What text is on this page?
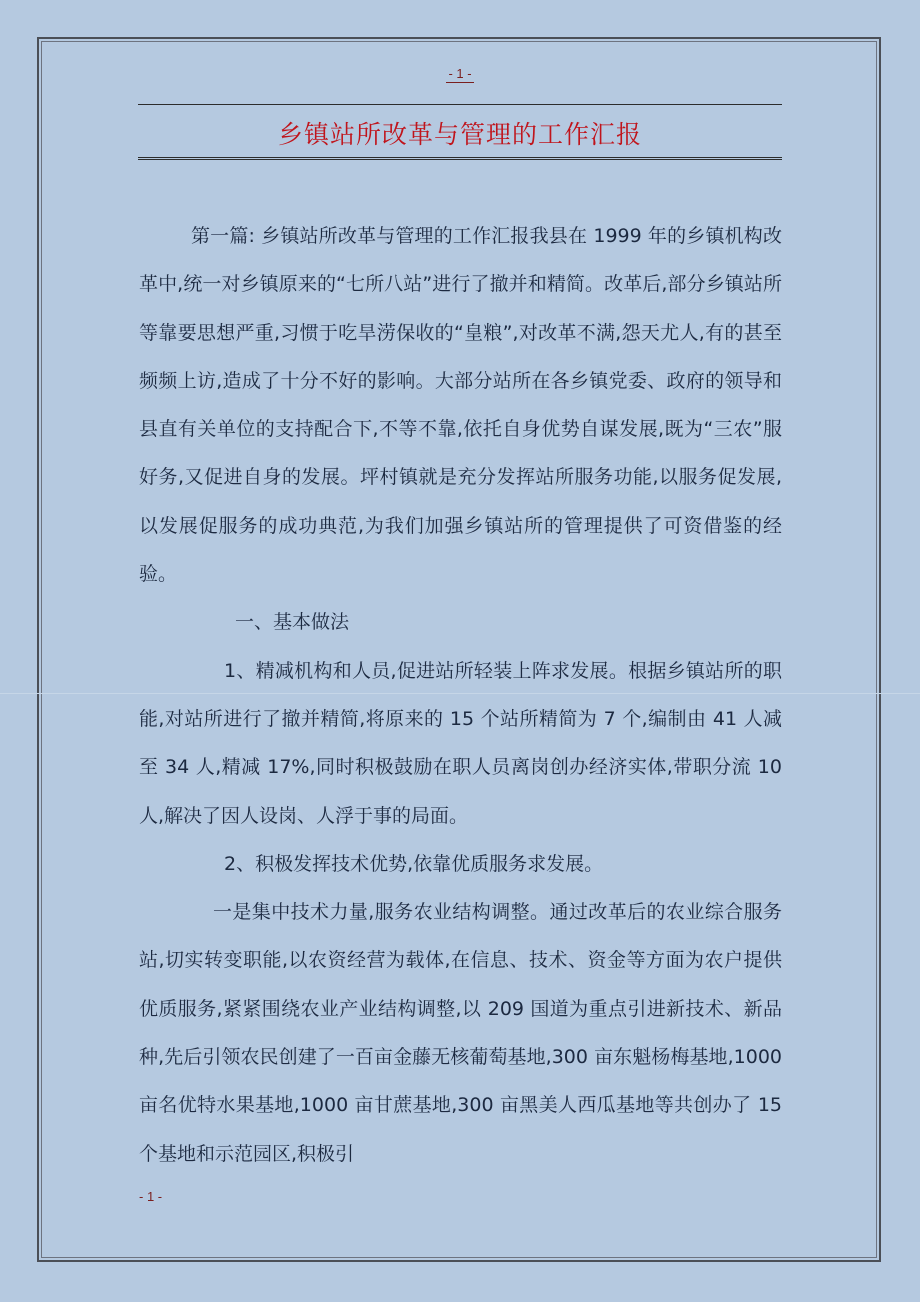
- 1 -
乡镇站所改革与管理的工作汇报

第一篇: 乡镇站所改革与管理的工作汇报我县在 1999 年的乡镇机构改革中,统一对乡镇原来的“七所八站”进行了撤并和精简。改革后,部分乡镇站所等靠要思想严重,习惯于吃旱涝保收的“皇粮”,对改革不满,怨天尤人,有的甚至频频上访,造成了十分不好的影响。大部分站所在各乡镇党委、政府的领导和县直有关单位的支持配合下,不等不靠,依托自身优势自谋发展,既为“三农”服好务,又促进自身的发展。坪村镇就是充分发挥站所服务功能,以服务促发展,以发展促服务的成功典范,为我们加强乡镇站所的管理提供了可资借鉴的经验。

一、基本做法

1、精减机构和人员,促进站所轻装上阵求发展。根据乡镇站所的职能,对站所进行了撤并精简,将原来的 15 个站所精简为 7 个,编制由 41 人减至 34 人,精减 17%,同时积极鼓励在职人员离岗创办经济实体,带职分流 10 人,解决了因人设岗、人浮于事的局面。

2、积极发挥技术优势,依靠优质服务求发展。

一是集中技术力量,服务农业结构调整。通过改革后的农业综合服务站,切实转变职能,以农资经营为载体,在信息、技术、资金等方面为农户提供优质服务,紧紧围绕农业产业结构调整,以 209 国道为重点引进新技术、新品种,先后引领农民创建了一百亩金藤无核葡萄基地,300 亩东魁杨梅基地,1000 亩名优特水果基地,1000 亩甘蔗基地,300 亩黑美人西瓜基地等共创办了 15 个基地和示范园区,积极引

- 1 -
